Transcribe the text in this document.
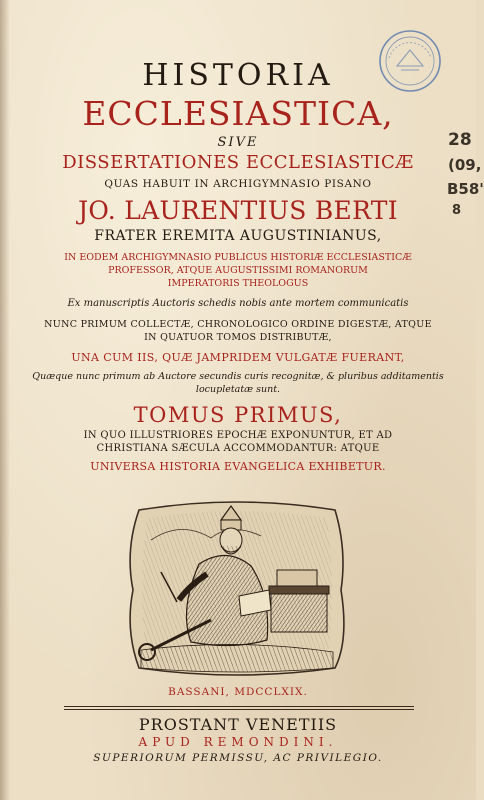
28
(09,
B58'
8
HISTORIA
ECCLESIASTICA,
SIVE
DISSERTATIONES ECCLESIASTICÆ
QUAS HABUIT IN ARCHIGYMNASIO PISANO
JO. LAURENTIUS BERTI
FRATER EREMITA AUGUSTINIANUS,
IN EODEM ARCHIGYMNASIO PUBLICUS HISTORIÆ ECCLESIASTICÆ
PROFESSOR, ATQUE AUGUSTISSIMI ROMANORUM
IMPERATORIS THEOLOGUS
Ex manuscriptis Auctoris schedis nobis ante mortem communicatis
NUNC PRIMUM COLLECTÆ, CHRONOLOGICO ORDINE DIGESTÆ, ATQUE
IN QUATUOR TOMOS DISTRIBUTÆ,
UNA CUM IIS, QUÆ JAMPRIDEM VULGATÆ FUERANT,
Quæque nunc primum ab Auctore secundis curis recognitæ, & pluribus additamentis
locupletatæ sunt.
TOMUS PRIMUS,
IN QUO ILLUSTRIORES EPOCHÆ EXPONUNTUR, ET AD
CHRISTIANA SÆCULA ACCOMMODANTUR: ATQUE
UNIVERSA HISTORIA EVANGELICA EXHIBETUR.
BASSANI, MDCCLXIX.
PROSTANT VENETIIS
APUD REMONDINI.
SUPERIORUM PERMISSU, AC PRIVILEGIO.
